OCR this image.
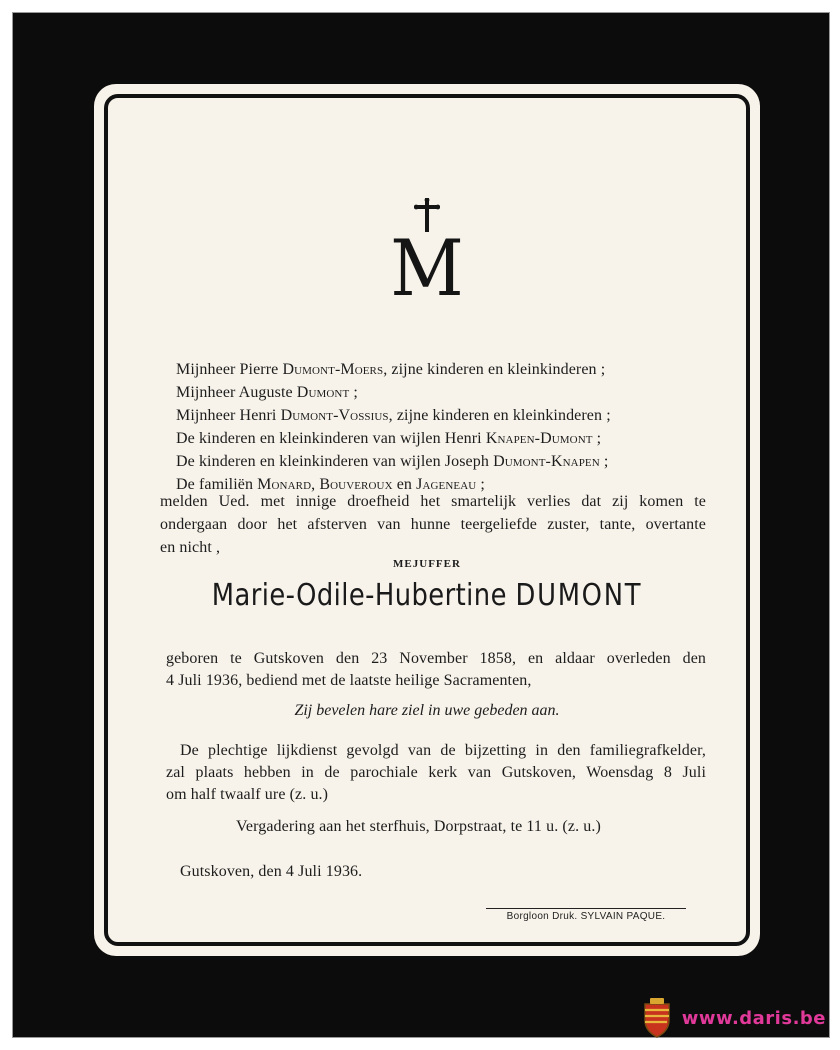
M
Mijnheer Pierre Dumont-Moers, zijne kinderen en kleinkinderen ;
Mijnheer Auguste Dumont ;
Mijnheer Henri Dumont-Vossius, zijne kinderen en kleinkinderen ;
De kinderen en kleinkinderen van wijlen Henri Knapen-Dumont ;
De kinderen en kleinkinderen van wijlen Joseph Dumont-Knapen ;
De familiën Monard, Bouveroux en Jageneau ;
melden Ued. met innige droefheid het smartelijk verlies dat zij komen te
ondergaan door het afsterven van hunne teergeliefde zuster, tante, overtante
en nicht ,
MEJUFFER
Marie-Odile-Hubertine DUMONT
geboren te Gutskoven den 23 November 1858, en aldaar overleden den
4 Juli 1936, bediend met de laatste heilige Sacramenten,
Zij bevelen hare ziel in uwe gebeden aan.
De plechtige lijkdienst gevolgd van de bijzetting in den familiegrafkelder,
zal plaats hebben in de parochiale kerk van Gutskoven, Woensdag 8 Juli
om half twaalf ure (z. u.)
Vergadering aan het sterfhuis, Dorpstraat, te 11 u. (z. u.)
Gutskoven, den 4 Juli 1936.
Borgloon Druk. SYLVAIN PAQUE.
www.daris.be
